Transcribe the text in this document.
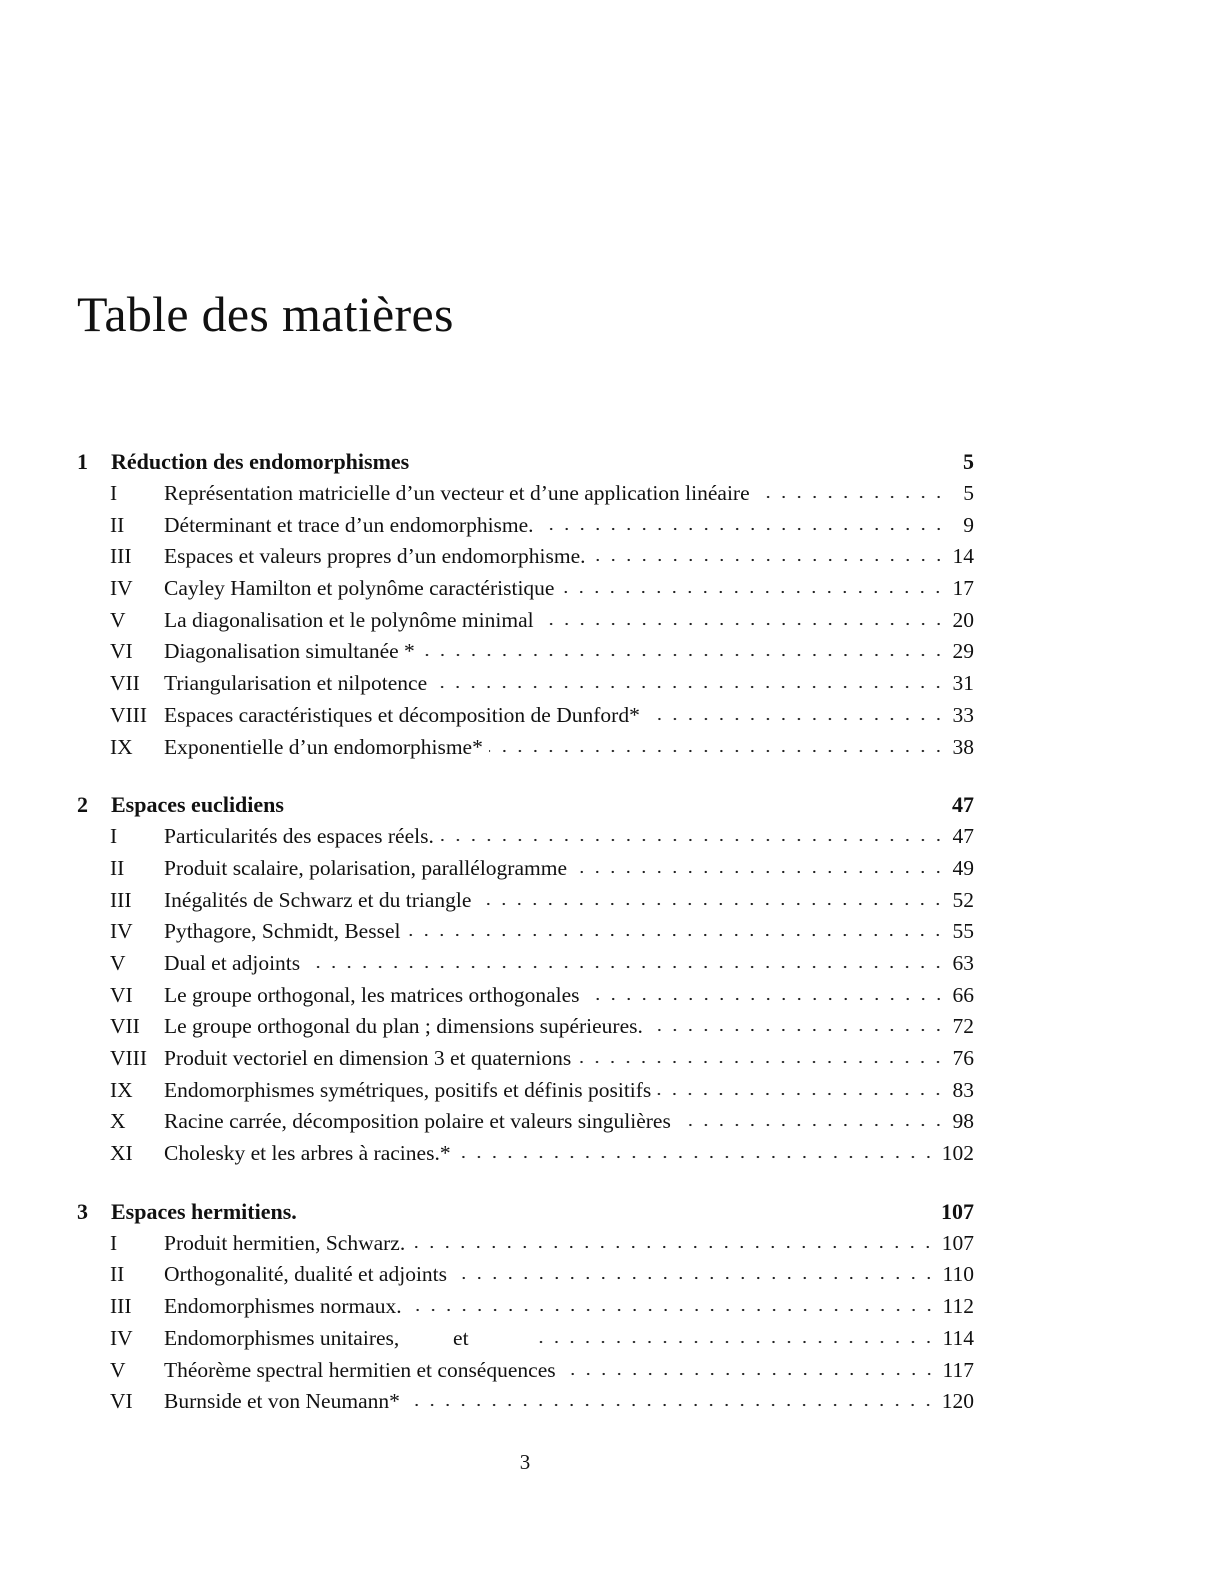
Table des matières
1	Réduction des endomorphismes	5
I	Représentation matricielle d’un vecteur et d’une application linéaire	5
II	Déterminant et trace d’un endomorphisme.	9
III	Espaces et valeurs propres d’un endomorphisme.	14
IV	Cayley Hamilton et polynôme caractéristique	17
V	La diagonalisation et le polynôme minimal	20
VI	Diagonalisation simultanée *	29
VII	Triangularisation et nilpotence	31
VIII Espaces caractéristiques et décomposition de Dunford*	33
IX	Exponentielle d’un endomorphisme*	38
2	Espaces euclidiens	47
I	Particularités des espaces réels.	47
II	Produit scalaire, polarisation, parallélogramme	49
III	Inégalités de Schwarz et du triangle	52
IV	Pythagore, Schmidt, Bessel	55
V	Dual et adjoints	63
VI	Le groupe orthogonal, les matrices orthogonales	66
VII	Le groupe orthogonal du plan ; dimensions supérieures.	72
VIII Produit vectoriel en dimension 3 et quaternions	76
IX	Endomorphismes symétriques, positifs et définis positifs	83
X	Racine carrée, décomposition polaire et valeurs singulières	98
XI	Cholesky et les arbres à racines.*	102
3	Espaces hermitiens.	107
I	Produit hermitien, Schwarz.	107
II	Orthogonalité, dualité et adjoints	110
III	Endomorphismes normaux.	112
IV	Endomorphismes unitaires,          et	114
V	Théorème spectral hermitien et conséquences	117
VI	Burnside et von Neumann*	120
3
